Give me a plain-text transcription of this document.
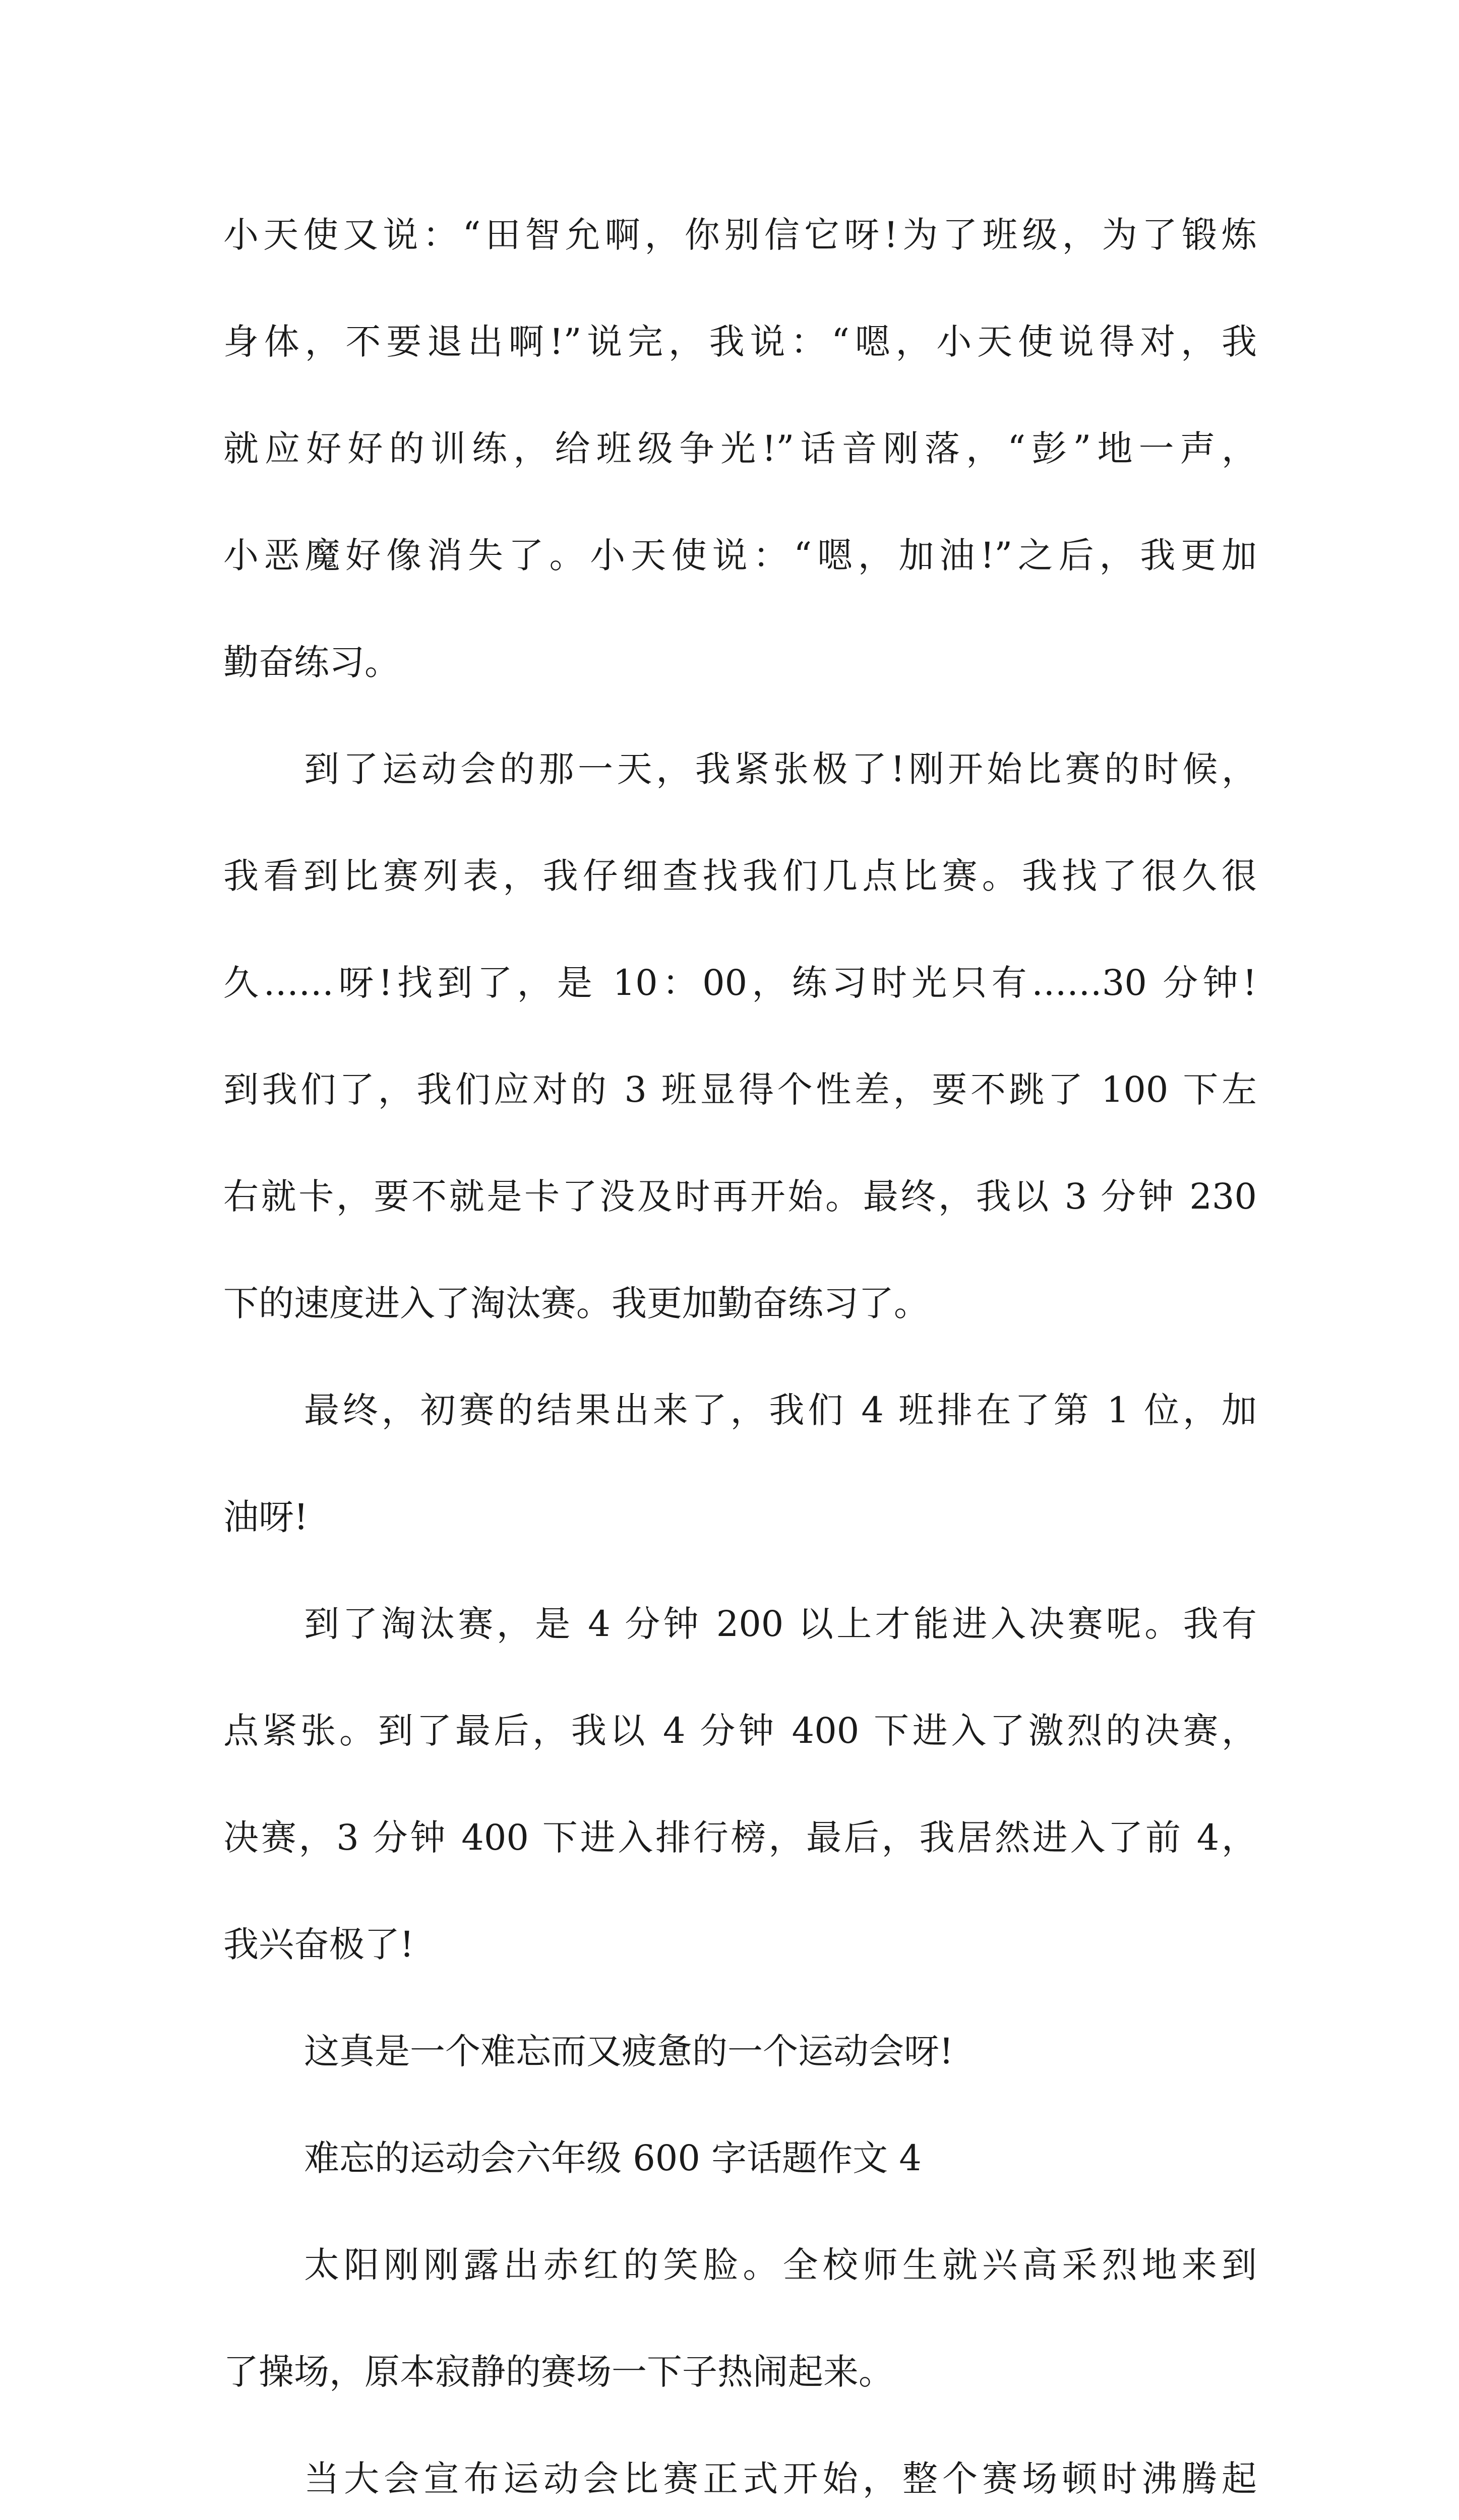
小天使又说：“田智允啊，你别信它呀!为了班级，为了锻炼
身体，不要退出啊!”说完，我说：“嗯，小天使说得对，我
就应好好的训练，给班级争光!”话音刚落，“彭”地一声，
小恶魔好像消失了。小天使说：“嗯，加油!”之后，我更加
勤奋练习。
到了运动会的那一天，我紧张极了!刚开始比赛的时候，
我看到比赛列表，我仔细查找我们几点比赛。我找了很久很
久……呀!找到了，是 10：00，练习时光只有……30 分钟!
到我们了，我们应对的 3 班显得个性差，要不跳了 100 下左
右就卡，要不就是卡了没及时再开始。最终，我以 3 分钟 230
下的速度进入了淘汰赛。我更加勤奋练习了。
最终，初赛的结果出来了，我们 4 班排在了第 1 位，加
油呀!
到了淘汰赛，是 4 分钟 200 以上才能进入决赛呢。我有
点紧张。到了最后，我以 4 分钟 400 下进入了激烈的决赛，
决赛，3 分钟 400 下进入排行榜，最后，我居然进入了前 4，
我兴奋极了!
这真是一个难忘而又疲惫的一个运动会呀!
难忘的运动会六年级 600 字话题作文 4
太阳刚刚露出赤红的笑脸。全校师生就兴高采烈地来到
了操场，原本寂静的赛场一下子热闹起来。
当大会宣布运动会比赛正式开始，整个赛场顿时沸腾起
